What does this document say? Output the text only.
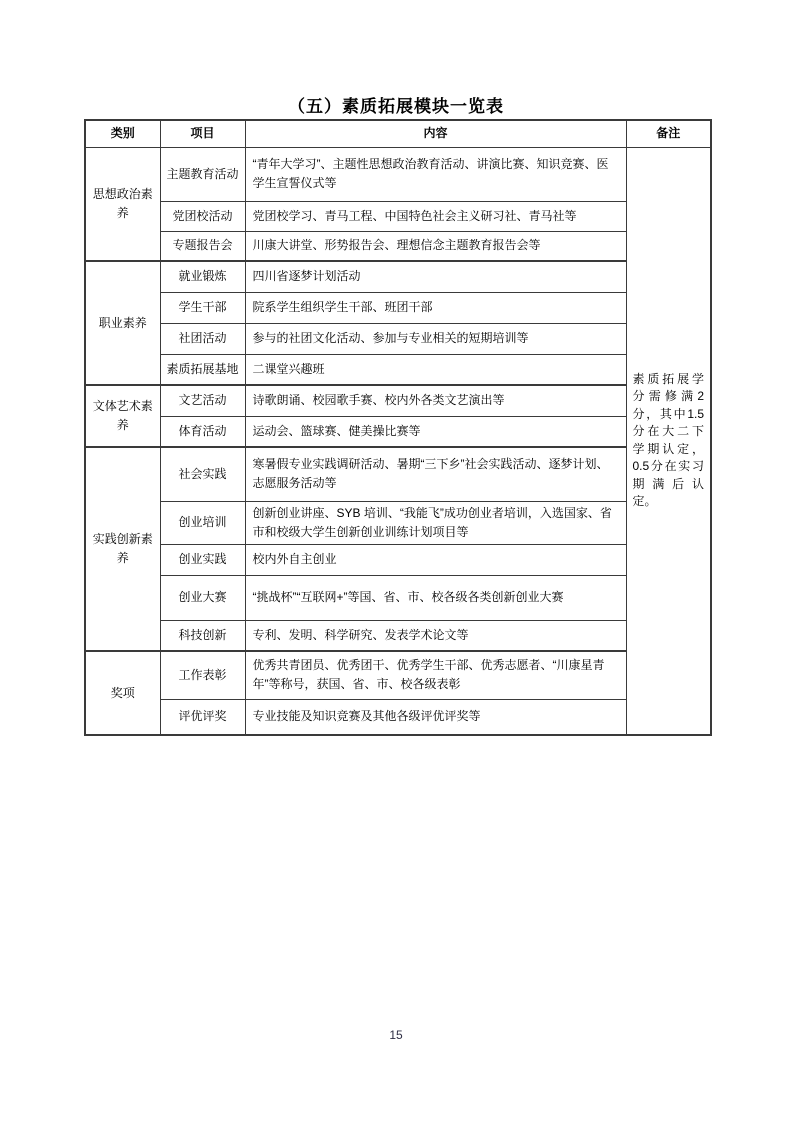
（五）素质拓展模块一览表
类别	项目	内容	备注
思想政治素养	主题教育活动	“青年大学习”、主题性思想政治教育活动、讲演比赛、知识竞赛、医学生宣誓仪式等	素质拓展学分需修满2分，其中1.5分在大二下学期认定，0.5分在实习期满后认定。
	党团校活动	党团校学习、青马工程、中国特色社会主义研习社、青马社等	
	专题报告会	川康大讲堂、形势报告会、理想信念主题教育报告会等	
职业素养	就业锻炼	四川省逐梦计划活动	
	学生干部	院系学生组织学生干部、班团干部	
	社团活动	参与的社团文化活动、参加与专业相关的短期培训等	
	素质拓展基地	二课堂兴趣班	
文体艺术素养	文艺活动	诗歌朗诵、校园歌手赛、校内外各类文艺演出等	
	体育活动	运动会、篮球赛、健美操比赛等	
实践创新素养	社会实践	寒暑假专业实践调研活动、暑期“三下乡”社会实践活动、逐梦计划、志愿服务活动等	
	创业培训	创新创业讲座、SYB 培训、“我能飞”成功创业者培训，入选国家、省市和校级大学生创新创业训练计划项目等	
	创业实践	校内外自主创业	
	创业大赛	“挑战杯”“互联网+”等国、省、市、校各级各类创新创业大赛	
	科技创新	专利、发明、科学研究、发表学术论文等	
奖项	工作表彰	优秀共青团员、优秀团干、优秀学生干部、优秀志愿者、“川康星青年”等称号，获国、省、市、校各级表彰	
	评优评奖	专业技能及知识竞赛及其他各级评优评奖等	
15
